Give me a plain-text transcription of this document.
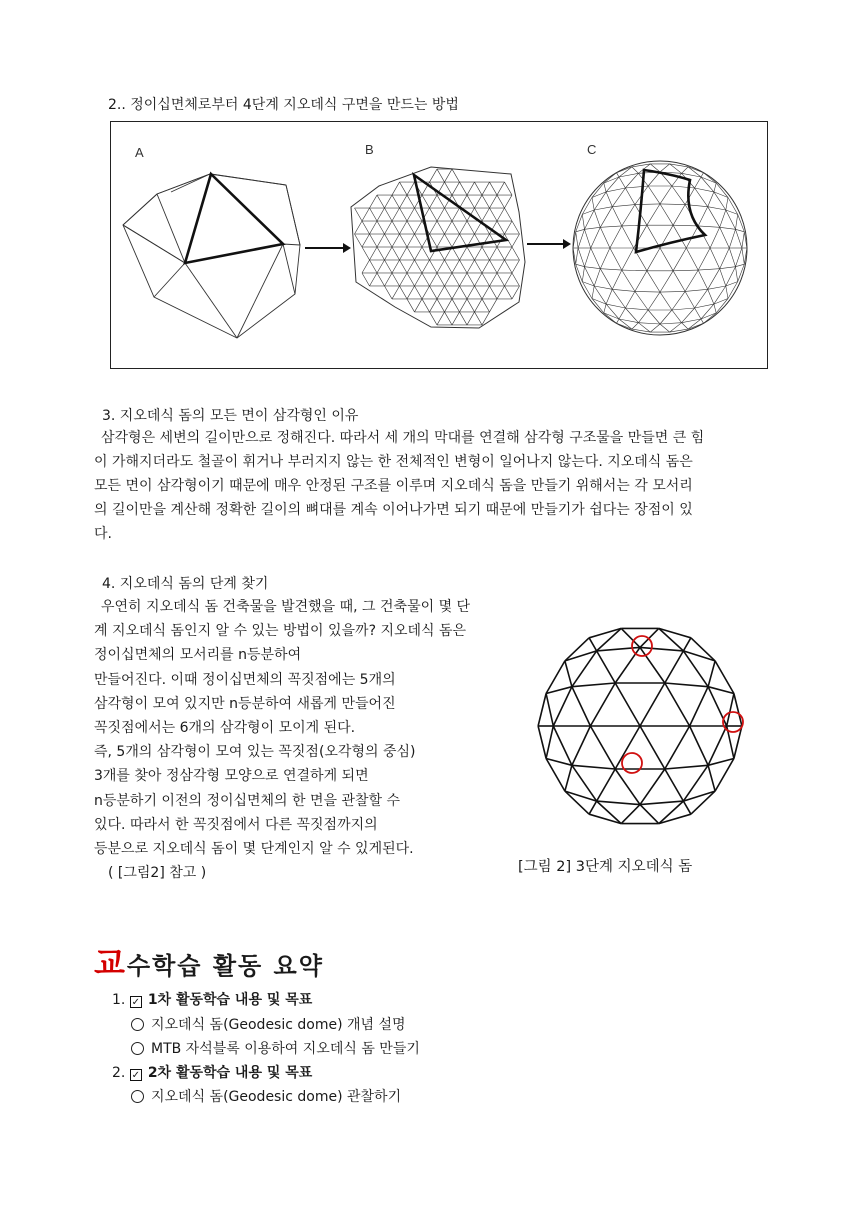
2.. 정이십면체로부터 4단계 지오데식 구면을 만드는 방법
A	B	C
3. 지오데식 돔의 모든 면이 삼각형인 이유
삼각형은 세변의 길이만으로 정해진다. 따라서 세 개의 막대를 연결해 삼각형 구조물을 만들면 큰 힘
이 가해지더라도 철골이 휘거나 부러지지 않는 한 전체적인 변형이 일어나지 않는다. 지오데식 돔은
모든 면이 삼각형이기 때문에 매우 안정된 구조를 이루며 지오데식 돔을 만들기 위해서는 각 모서리
의 길이만을 계산해 정확한 길이의 뼈대를 계속 이어나가면 되기 때문에 만들기가 쉽다는 장점이 있
다.
4. 지오데식 돔의 단계 찾기
우연히 지오데식 돔 건축물을 발견했을 때, 그 건축물이 몇 단
계 지오데식 돔인지 알 수 있는 방법이 있을까? 지오데식 돔은
정이십면체의 모서리를 n등분하여
만들어진다. 이때 정이십면체의 꼭짓점에는 5개의
삼각형이 모여 있지만 n등분하여 새롭게 만들어진
꼭짓점에서는 6개의 삼각형이 모이게 된다.
즉, 5개의 삼각형이 모여 있는 꼭짓점(오각형의 중심)
3개를 찾아 정삼각형 모양으로 연결하게 되면
n등분하기 이전의 정이십면체의 한 면을 관찰할 수
있다. 따라서 한 꼭짓점에서 다른 꼭짓점까지의
등분으로 지오데식 돔이 몇 단계인지 알 수 있게된다.
( [그림2] 참고 )	[그림 2] 3단계 지오데식 돔
교수학습 활동 요약
1. ✓ 1차 활동학습 내용 및 목표
지오데식 돔(Geodesic dome) 개념 설명
MTB 자석블록 이용하여 지오데식 돔 만들기
2. ✓ 2차 활동학습 내용 및 목표
지오데식 돔(Geodesic dome) 관찰하기
